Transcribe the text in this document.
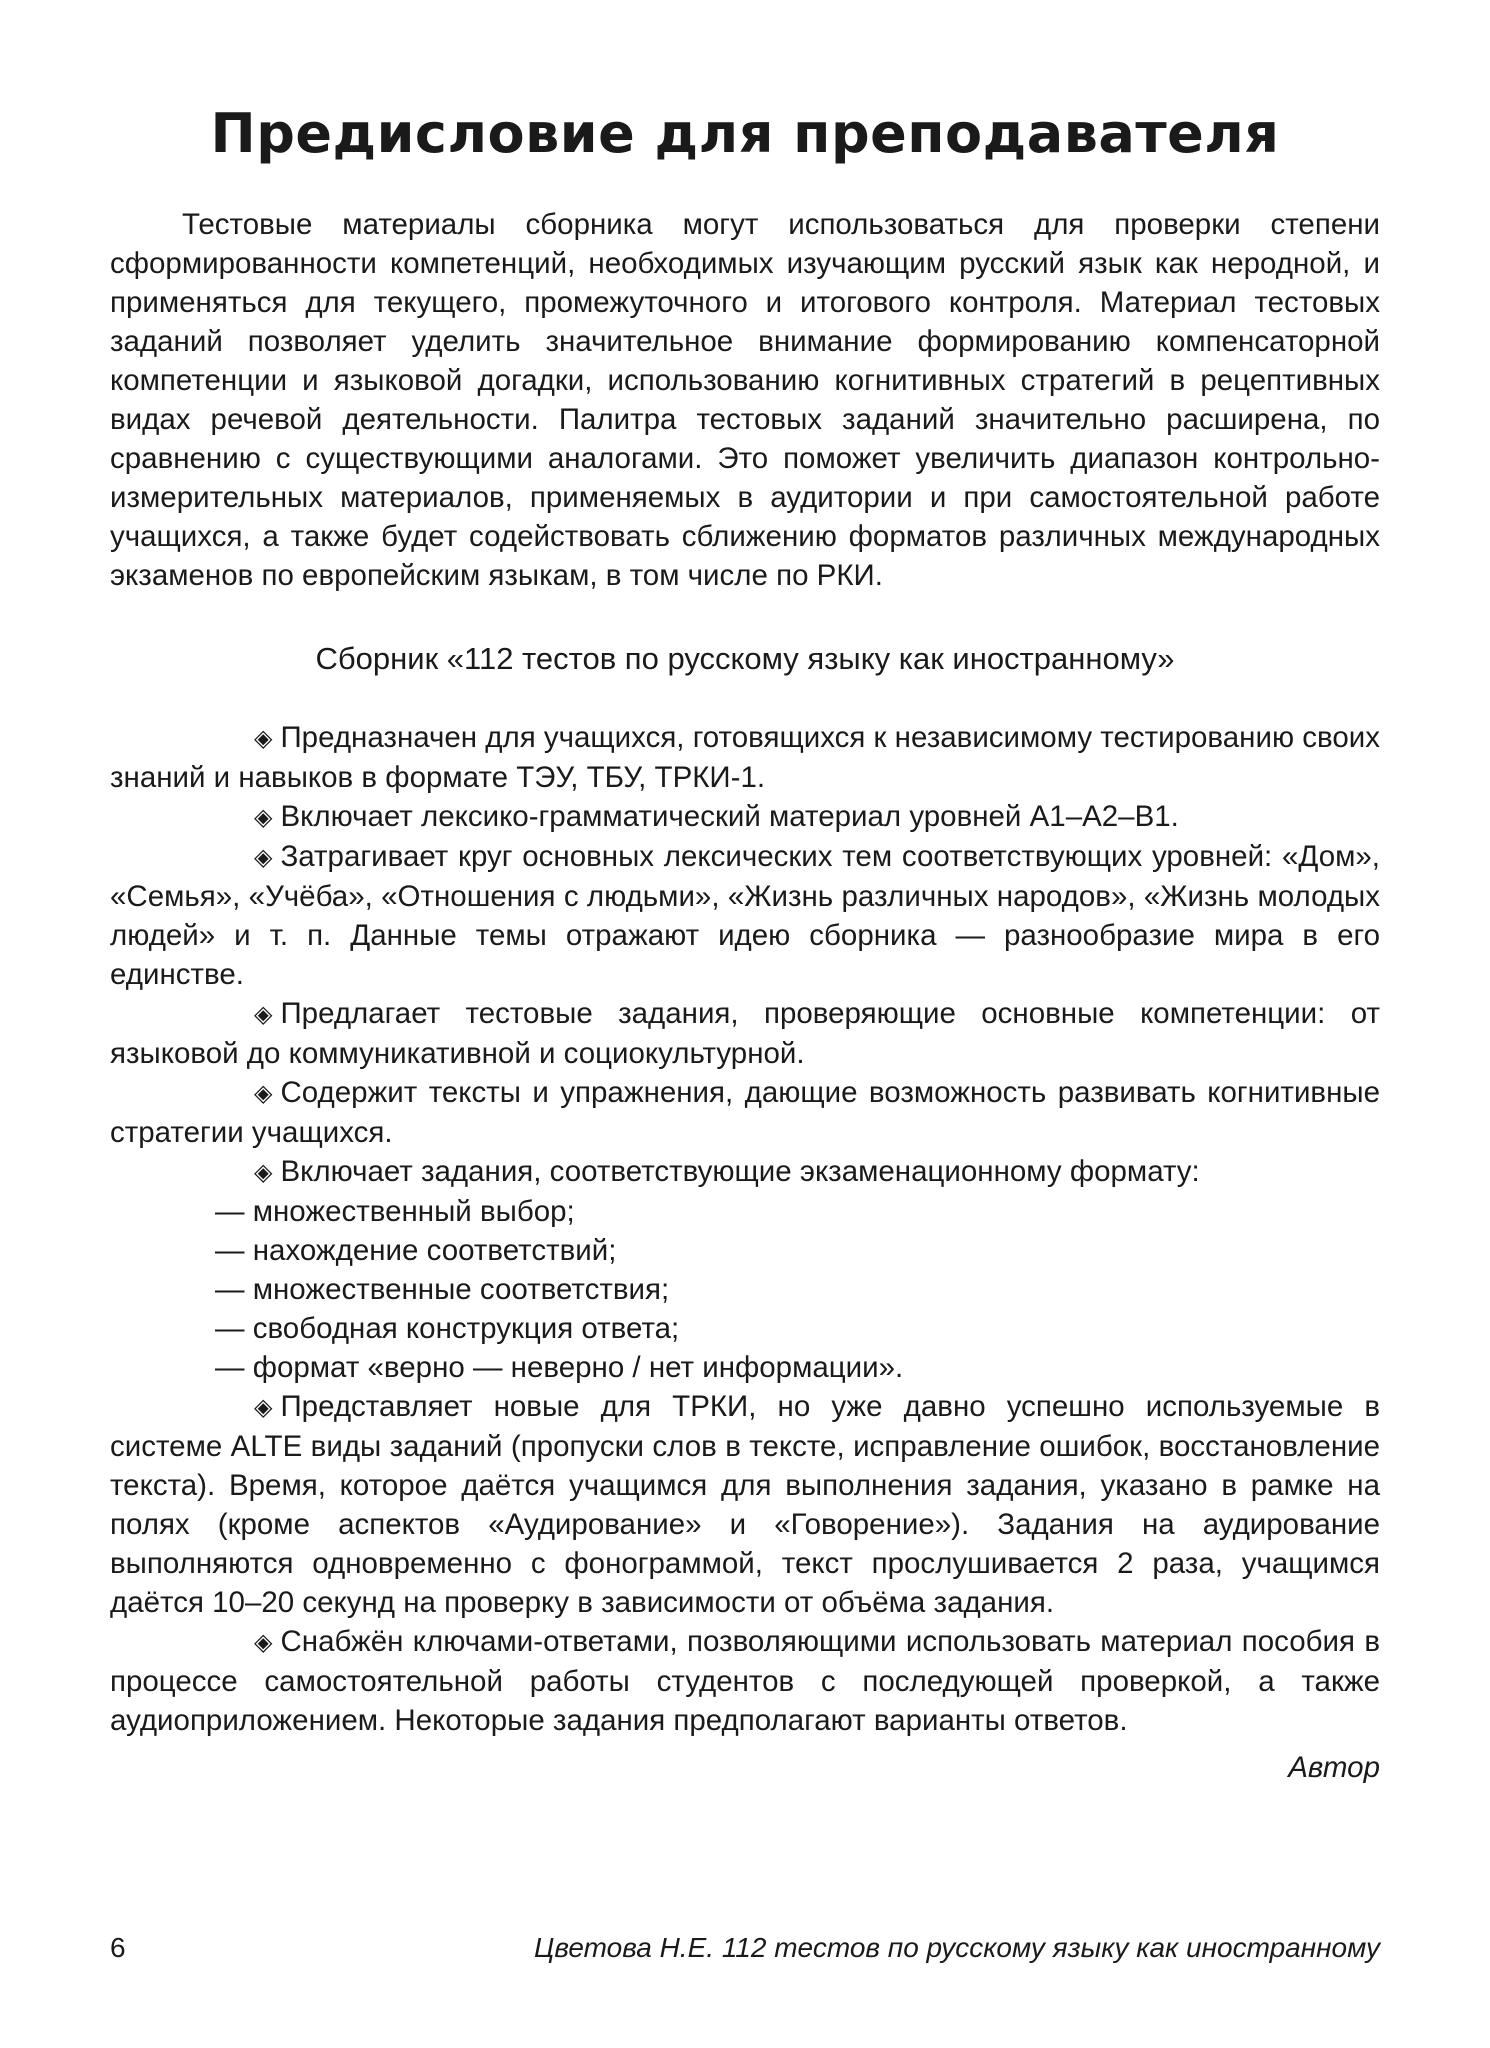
Предисловие для преподавателя

Тестовые материалы сборника могут использоваться для проверки степени сформированности компетенций, необходимых изучающим русский язык как неродной, и применяться для текущего, промежуточного и итогового контроля. Материал тестовых заданий позволяет уделить значительное внимание формированию компенсаторной компетенции и языковой догадки, использованию когнитивных стратегий в рецептивных видах речевой деятельности. Палитра тестовых заданий значительно расширена, по сравнению с существующими аналогами. Это поможет увеличить диапазон контрольно-измерительных материалов, применяемых в аудитории и при самостоятельной работе учащихся, а также будет содействовать сближению форматов различных международных экзаменов по европейским языкам, в том числе по РКИ.

Сборник «112 тестов по русскому языку как иностранному»

◈ Предназначен для учащихся, готовящихся к независимому тестированию своих знаний и навыков в формате ТЭУ, ТБУ, ТРКИ-1.

◈ Включает лексико-грамматический материал уровней А1–А2–В1.

◈ Затрагивает круг основных лексических тем соответствующих уровней: «Дом», «Семья», «Учёба», «Отношения с людьми», «Жизнь различных народов», «Жизнь молодых людей» и т. п. Данные темы отражают идею сборника — разнообразие мира в его единстве.

◈ Предлагает тестовые задания, проверяющие основные компетенции: от языковой до коммуникативной и социокультурной.

◈ Содержит тексты и упражнения, дающие возможность развивать когнитивные стратегии учащихся.

◈ Включает задания, соответствующие экзаменационному формату:

— множественный выбор;
— нахождение соответствий;
— множественные соответствия;
— свободная конструкция ответа;
— формат «верно — неверно / нет информации».

◈ Представляет новые для ТРКИ, но уже давно успешно используемые в системе ALTE виды заданий (пропуски слов в тексте, исправление ошибок, восстановление текста). Время, которое даётся учащимся для выполнения задания, указано в рамке на полях (кроме аспектов «Аудирование» и «Говорение»). Задания на аудирование выполняются одновременно с фонограммой, текст прослушивается 2 раза, учащимся даётся 10–20 секунд на проверку в зависимости от объёма задания.

◈ Снабжён ключами-ответами, позволяющими использовать материал пособия в процессе самостоятельной работы студентов с последующей проверкой, а также аудиоприложением. Некоторые задания предполагают варианты ответов.

Автор

6	Цветова Н.Е. 112 тестов по русскому языку как иностранному
